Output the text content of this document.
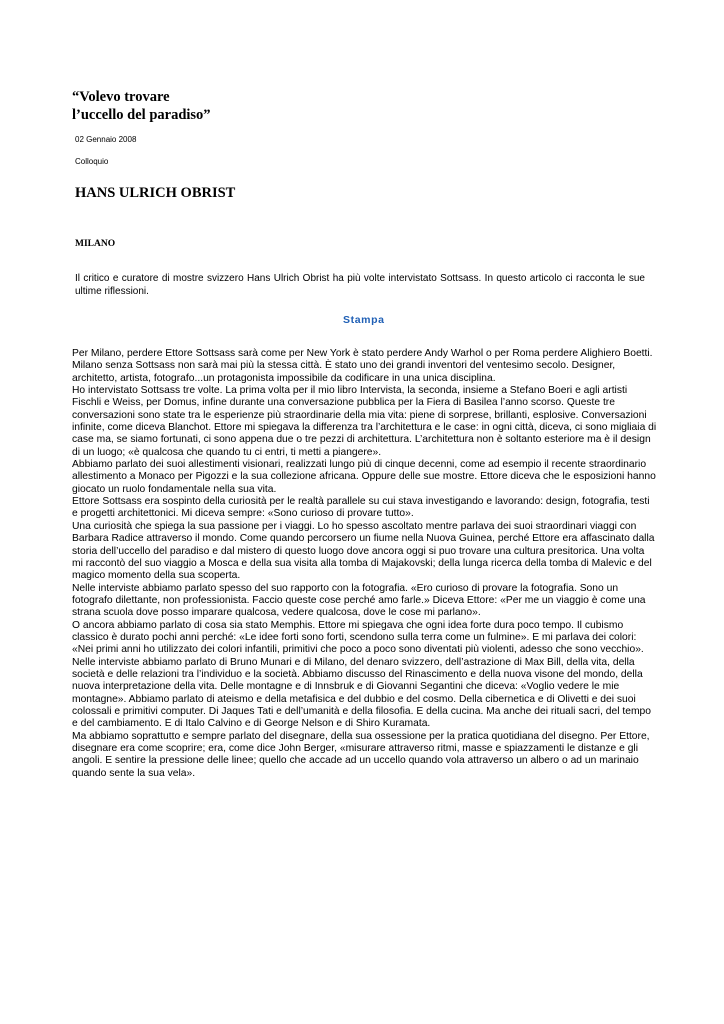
“Volevo trovare
l’uccello del paradiso”

02 Gennaio 2008

Colloquio

HANS ULRICH OBRIST

MILANO

Il critico e curatore di mostre svizzero Hans Ulrich Obrist ha più volte intervistato Sottsass. In questo articolo ci racconta le sue ultime riflessioni.

Stampa

Per Milano, perdere Ettore Sottsass sarà come per New York è stato perdere Andy Warhol o per Roma perdere Alighiero Boetti. Milano senza Sottsass non sarà mai più la stessa città. È stato uno dei grandi inventori del ventesimo secolo. Designer, architetto, artista, fotografo...un protagonista impossibile da codificare in una unica disciplina.

Ho intervistato Sottsass tre volte. La prima volta per il mio libro Intervista, la seconda, insieme a Stefano Boeri e agli artisti Fischli e Weiss, per Domus, infine durante una conversazione pubblica per la Fiera di Basilea l’anno scorso. Queste tre conversazioni sono state tra le esperienze più straordinarie della mia vita: piene di sorprese, brillanti, esplosive. Conversazioni infinite, come diceva Blanchot. Ettore mi spiegava la differenza tra l’architettura e le case: in ogni città, diceva, ci sono migliaia di case ma, se siamo fortunati, ci sono appena due o tre pezzi di architettura. L’architettura non è soltanto esteriore ma è il design di un luogo; «è qualcosa che quando tu ci entri, ti metti a piangere».

Abbiamo parlato dei suoi allestimenti visionari, realizzati lungo più di cinque decenni, come ad esempio il recente straordinario allestimento a Monaco per Pigozzi e la sua collezione africana. Oppure delle sue mostre. Ettore diceva che le esposizioni hanno giocato un ruolo fondamentale nella sua vita.

Ettore Sottsass era sospinto della curiosità per le realtà parallele su cui stava investigando e lavorando: design, fotografia, testi e progetti architettonici. Mi diceva sempre: «Sono curioso di provare tutto».

Una curiosità che spiega la sua passione per i viaggi. Lo ho spesso ascoltato mentre parlava dei suoi straordinari viaggi con Barbara Radice attraverso il mondo. Come quando percorsero un fiume nella Nuova Guinea, perché Ettore era affascinato dalla storia dell’uccello del paradiso e dal mistero di questo luogo dove ancora oggi si puo trovare una cultura presitorica. Una volta mi raccontò del suo viaggio a Mosca e della sua visita alla tomba di Majakovski; della lunga ricerca della tomba di Malevic e del magico momento della sua scoperta.

Nelle interviste abbiamo parlato spesso del suo rapporto con la fotografia. «Ero curioso di provare la fotografia. Sono un fotografo dilettante, non professionista. Faccio queste cose perché amo farle.» Diceva Ettore: «Per me un viaggio è come una strana scuola dove posso imparare qualcosa, vedere qualcosa, dove le cose mi parlano».

O ancora abbiamo parlato di cosa sia stato Memphis. Ettore mi spiegava che ogni idea forte dura poco tempo. Il cubismo classico è durato pochi anni perché: «Le idee forti sono forti, scendono sulla terra come un fulmine». E mi parlava dei colori: «Nei primi anni ho utilizzato dei colori infantili, primitivi che poco a poco sono diventati più violenti, adesso che sono vecchio».

Nelle interviste abbiamo parlato di Bruno Munari e di Milano, del denaro svizzero, dell’astrazione di Max Bill, della vita, della società e delle relazioni tra l’individuo e la società. Abbiamo discusso del Rinascimento e della nuova visone del mondo, della nuova interpretazione della vita. Delle montagne e di Innsbruk e di Giovanni Segantini che diceva: «Voglio vedere le mie montagne». Abbiamo parlato di ateismo e della metafisica e del dubbio e del cosmo. Della cibernetica e di Olivetti e dei suoi colossali e primitivi computer. Di Jaques Tati e dell’umanità e della filosofia. E della cucina. Ma anche dei rituali sacri, del tempo e del cambiamento. E di Italo Calvino e di George Nelson e di Shiro Kuramata.

Ma abbiamo soprattutto e sempre parlato del disegnare, della sua ossessione per la pratica quotidiana del disegno. Per Ettore, disegnare era come scoprire; era, come dice John Berger, «misurare attraverso ritmi, masse e spiazzamenti le distanze e gli angoli. E sentire la pressione delle linee; quello che accade ad un uccello quando vola attraverso un albero o ad un marinaio quando sente la sua vela».
